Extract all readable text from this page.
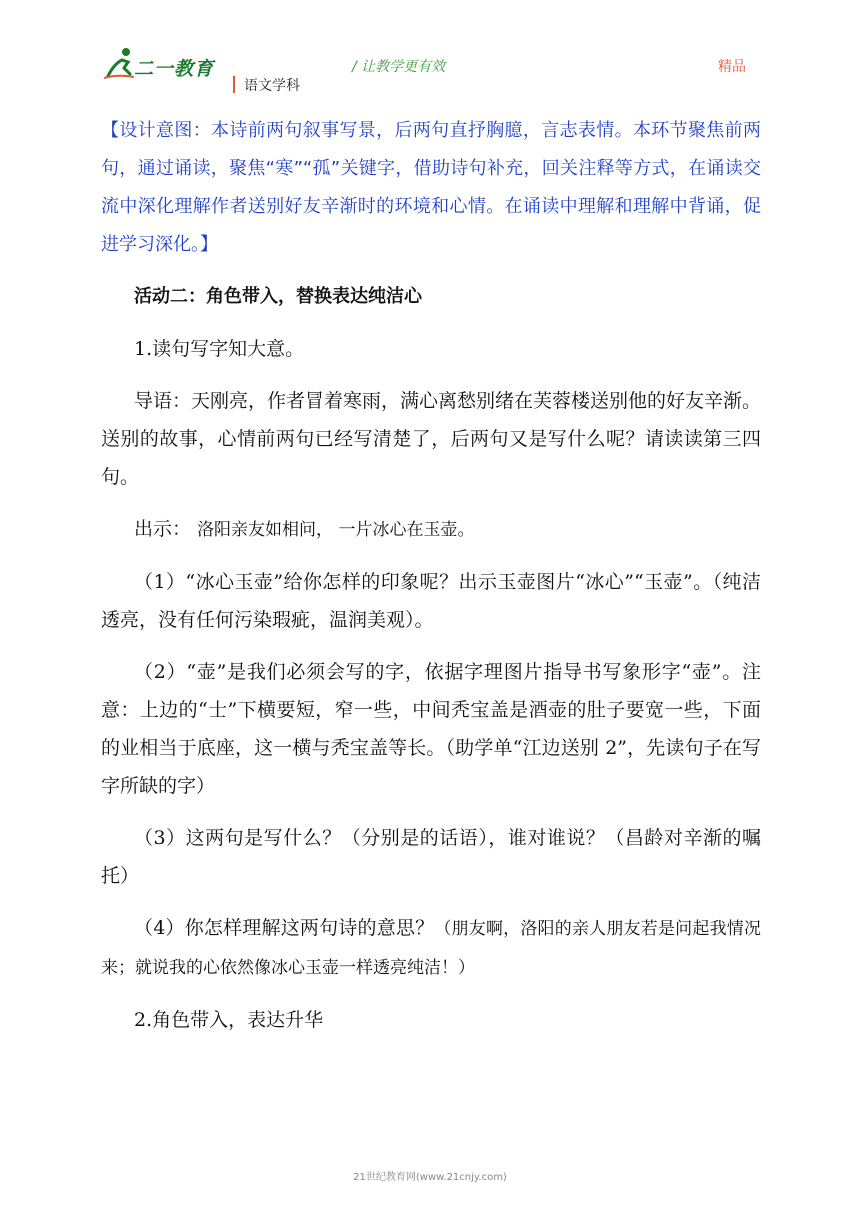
二一教育
语文学科
/ 让教学更有效	精品

【设计意图：本诗前两句叙事写景，后两句直抒胸臆，言志表情。本环节聚焦前两句，通过诵读，聚焦“寒”“孤”关键字，借助诗句补充，回关注释等方式，在诵读交流中深化理解作者送别好友辛渐时的环境和心情。在诵读中理解和理解中背诵，促进学习深化。】

活动二：角色带入，替换表达纯洁心

1.读句写字知大意。

导语：天刚亮，作者冒着寒雨，满心离愁别绪在芙蓉楼送别他的好友辛渐。送别的故事，心情前两句已经写清楚了，后两句又是写什么呢？请读读第三四句。

出示： 洛阳亲友如相问， 一片冰心在玉壶。

（1）“冰心玉壶”给你怎样的印象呢？出示玉壶图片“冰心”“玉壶”。（纯洁透亮，没有任何污染瑕疵，温润美观）。

（2）“壶”是我们必须会写的字，依据字理图片指导书写象形字“壶”。注意：上边的“士”下横要短，窄一些，中间秃宝盖是酒壶的肚子要宽一些，下面的业相当于底座，这一横与秃宝盖等长。（助学单“江边送别 2”，先读句子在写字所缺的字）

（3）这两句是写什么？（分别是的话语），谁对谁说？（昌龄对辛渐的嘱托）

（4）你怎样理解这两句诗的意思？（朋友啊，洛阳的亲人朋友若是问起我情况来；就说我的心依然像冰心玉壶一样透亮纯洁！）

2.角色带入，表达升华

21世纪教育网(www.21cnjy.com)
